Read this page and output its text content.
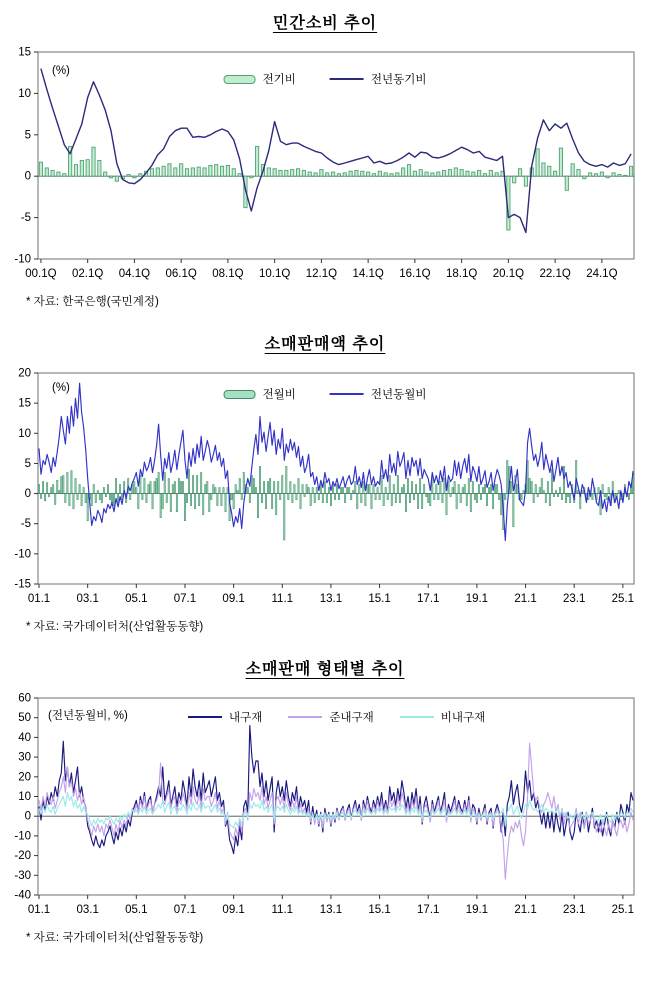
민간소비 추이
15
10
5
0
-5
-10
00.1Q 02.1Q 04.1Q 06.1Q 08.1Q 10.1Q 12.1Q 14.1Q 16.1Q 18.1Q 20.1Q 22.1Q 24.1Q
(%)
전기비	전년동기비
* 자료: 한국은행(국민계정)
소매판매액 추이
20
15
10
5
0
-5
-10
-15
01.1 03.1 05.1 07.1 09.1 11.1 13.1 15.1 17.1 19.1 21.1 23.1 25.1
(%)
전월비	전년동월비
* 자료: 국가데이터처(산업활동동향)
소매판매 형태별 추이
60
50
40
30
20
10
0
-10
-20
-30
-40
01.1 03.1 05.1 07.1 09.1 11.1 13.1 15.1 17.1 19.1 21.1 23.1 25.1
(전년동월비, %)	내구재	준내구재	비내구재
* 자료: 국가데이터처(산업활동동향)
